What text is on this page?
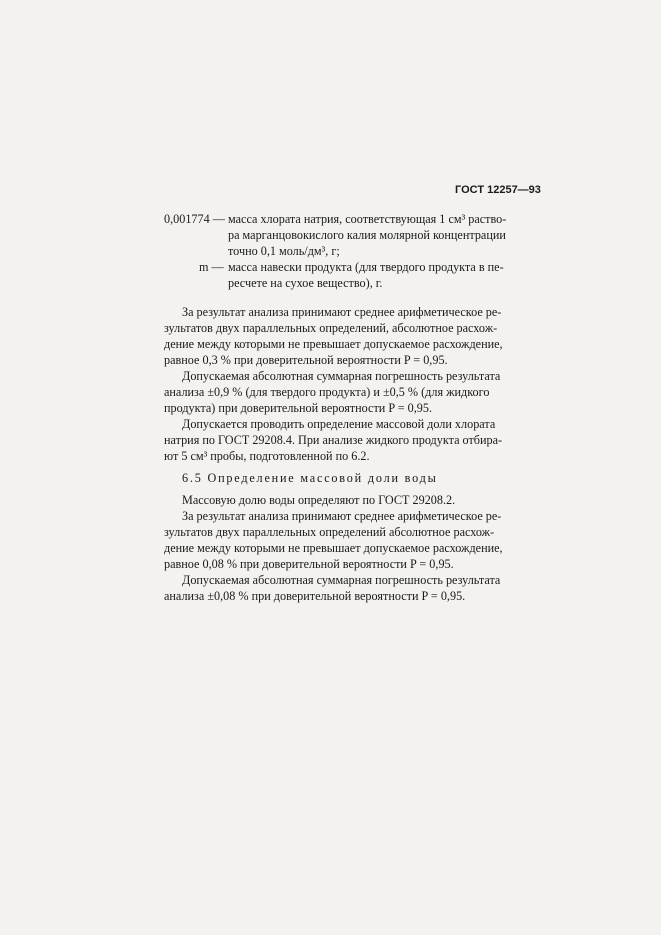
ГОСТ 12257—93
0,001774 — масса хлората натрия, соответствующая 1 см³ раство-
ра марганцовокислого калия молярной концентрации
точно 0,1 моль/дм³, г;
m — масса навески продукта (для твердого продукта в пе-
ресчете на сухое вещество), г.
За результат анализа принимают среднее арифметическое ре-
зультатов двух параллельных определений, абсолютное расхож-
дение между которыми не превышает допускаемое расхождение,
равное 0,3 % при доверительной вероятности P = 0,95.
Допускаемая абсолютная суммарная погрешность результата
анализа ±0,9 % (для твердого продукта) и ±0,5 % (для жидкого
продукта) при доверительной вероятности P = 0,95.
Допускается проводить определение массовой доли хлората
натрия по ГОСТ 29208.4. При анализе жидкого продукта отбира-
ют 5 см³ пробы, подготовленной по 6.2.
6.5 Определение массовой доли воды
Массовую долю воды определяют по ГОСТ 29208.2.
За результат анализа принимают среднее арифметическое ре-
зультатов двух параллельных определений абсолютное расхож-
дение между которыми не превышает допускаемое расхождение,
равное 0,08 % при доверительной вероятности P = 0,95.
Допускаемая абсолютная суммарная погрешность результата
анализа ±0,08 % при доверительной вероятности P = 0,95.
